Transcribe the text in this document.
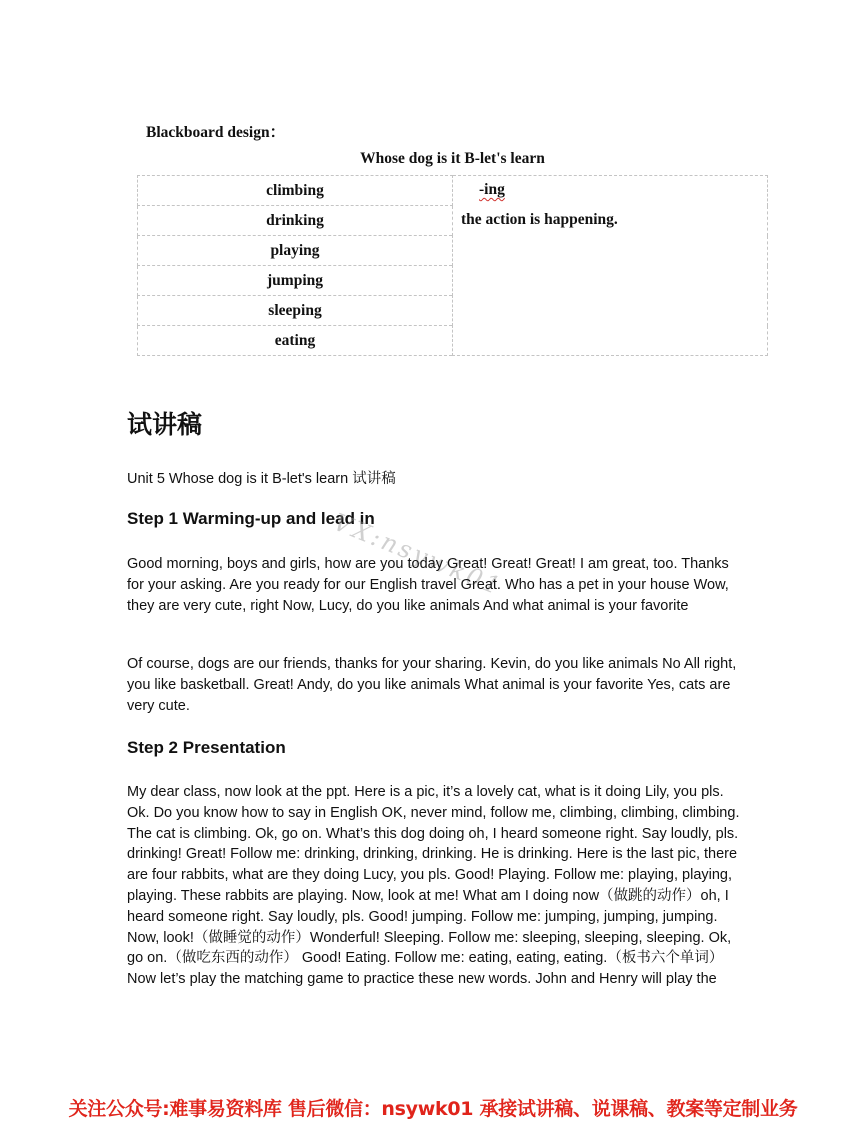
Blackboard design：
Whose dog is it B-let's learn
climbing	-ing
the action is happening.

drinking
playing
jumping
sleeping
eating
试讲稿
Unit 5 Whose dog is it B-let's learn 试讲稿
Step 1 Warming-up and lead in
VX:nsywk01

Good morning, boys and girls, how are you today Great! Great! Great! I am great, too. Thanks for your asking. Are you ready for our English travel Great. Who has a pet in your house Wow, they are very cute, right Now, Lucy, do you like animals And what animal is your favorite

Of course, dogs are our friends, thanks for your sharing. Kevin, do you like animals No All right, you like basketball. Great! Andy, do you like animals What animal is your favorite Yes, cats are very cute.

Step 2 Presentation

My dear class, now look at the ppt. Here is a pic, it’s a lovely cat, what is it doing Lily, you pls. Ok. Do you know how to say in English OK, never mind, follow me, climbing, climbing, climbing. The cat is climbing. Ok, go on. What’s this dog doing oh, I heard someone right. Say loudly, pls. drinking! Great! Follow me: drinking, drinking, drinking. He is drinking. Here is the last pic, there are four rabbits, what are they doing Lucy, you pls. Good! Playing. Follow me: playing, playing, playing. These rabbits are playing. Now, look at me! What am I doing now（做跳的动作）oh, I heard someone right. Say loudly, pls. Good! jumping. Follow me: jumping, jumping, jumping. Now, look!（做睡觉的动作）Wonderful! Sleeping. Follow me: sleeping, sleeping, sleeping. Ok, go on.（做吃东西的动作） Good! Eating. Follow me: eating, eating, eating.（板书六个单词）Now let’s play the matching game to practice these new words. John and Henry will play the

关注公众号:难事易资料库 售后微信：nsywk01 承接试讲稿、说课稿、教案等定制业务
